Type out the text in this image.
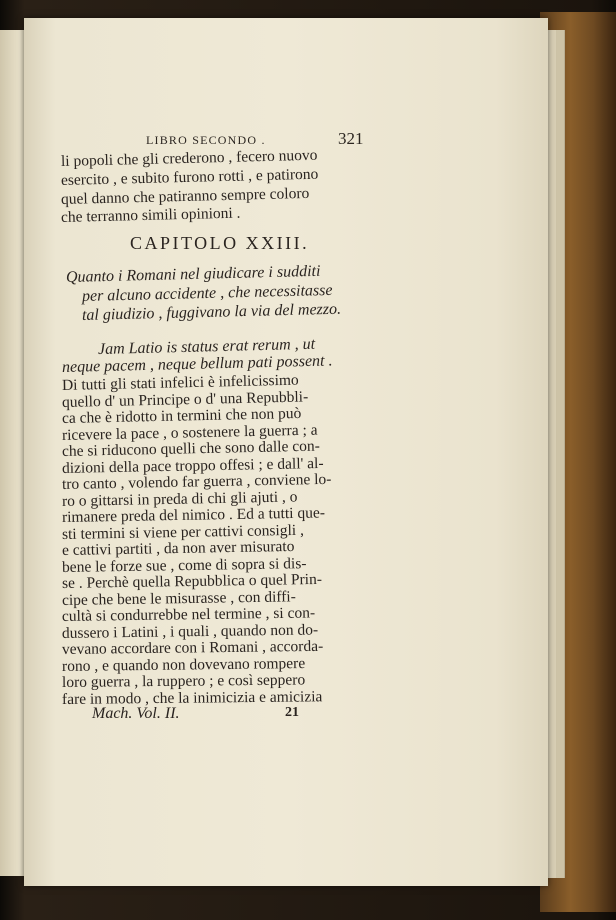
LIBRO SECONDO .	321
li popoli che gli crederono , fecero nuovo
esercito , e subito furono rotti , e patirono
quel danno che patiranno sempre coloro
che terranno simili opinioni .
CAPITOLO XXIII.
Quanto i Romani nel giudicare i sudditi
per alcuno accidente , che necessitasse
tal giudizio , fuggivano la via del mezzo.
Jam Latio is status erat rerum , ut
neque pacem , neque bellum pati possent .
Di tutti gli stati infelici è infelicissimo
quello d' un Principe o d' una Repubbli-
ca che è ridotto in termini che non può
ricevere la pace , o sostenere la guerra ; a
che si riducono quelli che sono dalle con-
dizioni della pace troppo offesi ; e dall' al-
tro canto , volendo far guerra , conviene lo-
ro o gittarsi in preda di chi gli ajuti , o
rimanere preda del nimico . Ed a tutti que-
sti termini si viene per cattivi consigli ,
e cattivi partiti , da non aver misurato
bene le forze sue , come di sopra si dis-
se . Perchè quella Repubblica o quel Prin-
cipe che bene le misurasse , con diffi-
cultà si condurrebbe nel termine , si con-
dussero i Latini , i quali , quando non do-
vevano accordare con i Romani , accorda-
rono , e quando non dovevano rompere
loro guerra , la ruppero ; e così seppero
fare in modo , che la inimicizia e amicizia
Mach. Vol. II.	21
